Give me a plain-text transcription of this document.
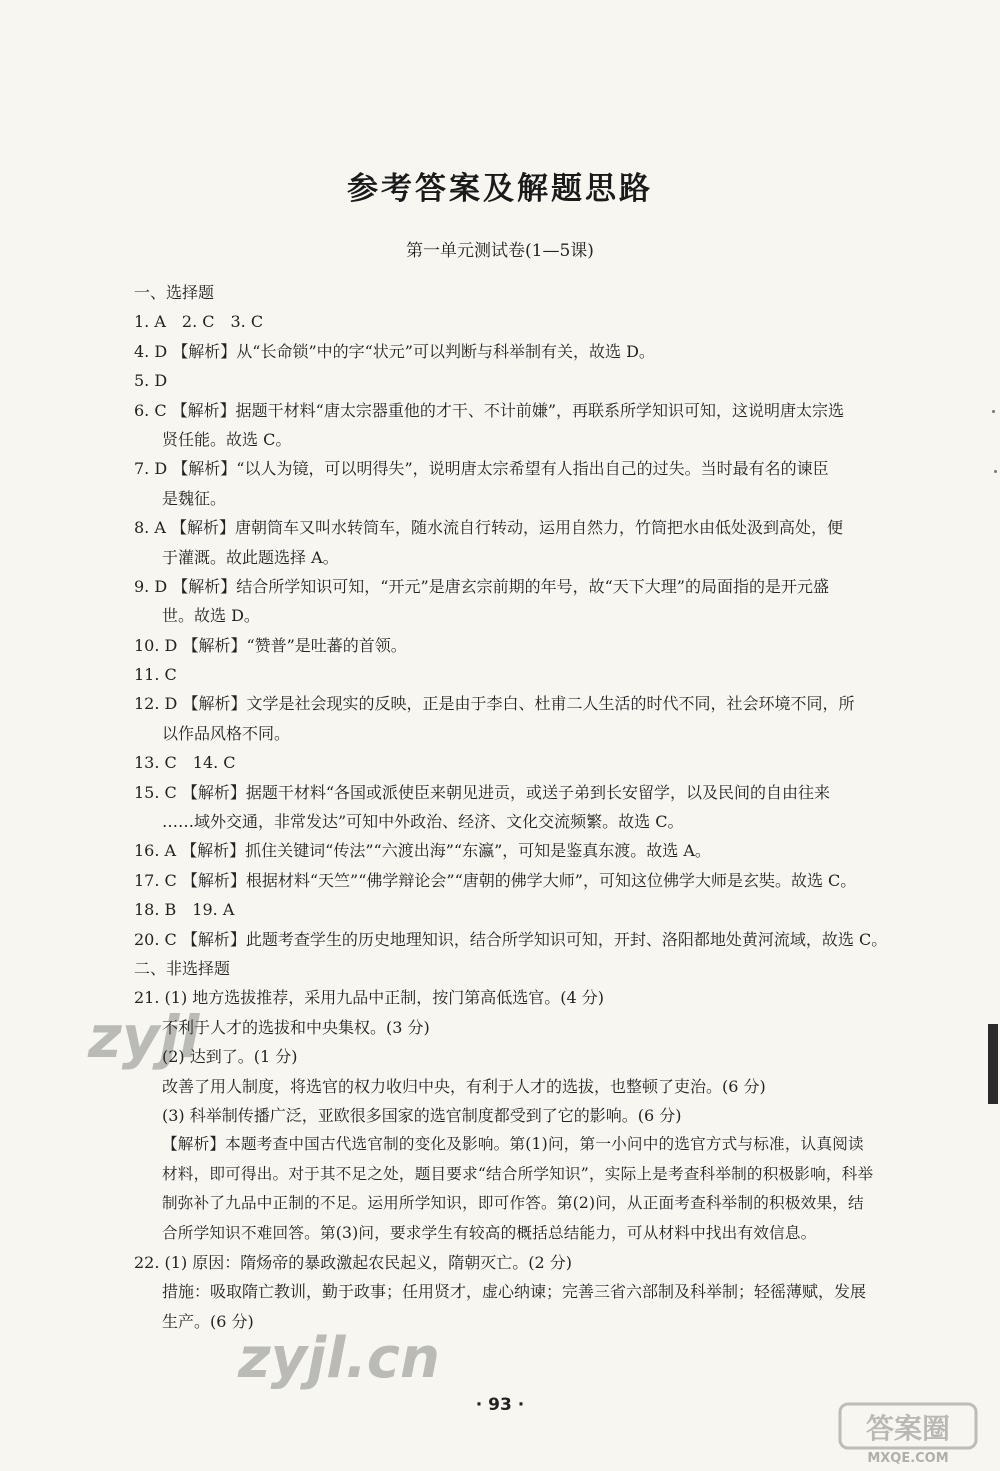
参考答案及解题思路
第一单元测试卷(1—5课)
一、选择题
1. A　2. C　3. C
4. D 【解析】从“长命锁”中的字“状元”可以判断与科举制有关，故选 D。
5. D
6. C 【解析】据题干材料“唐太宗器重他的才干、不计前嫌”，再联系所学知识可知，这说明唐太宗选
贤任能。故选 C。
7. D 【解析】“以人为镜，可以明得失”，说明唐太宗希望有人指出自己的过失。当时最有名的谏臣
是魏征。
8. A 【解析】唐朝筒车又叫水转筒车，随水流自行转动，运用自然力，竹筒把水由低处汲到高处，便
于灌溉。故此题选择 A。
9. D 【解析】结合所学知识可知，“开元”是唐玄宗前期的年号，故“天下大理”的局面指的是开元盛
世。故选 D。
10. D 【解析】“赞普”是吐蕃的首领。
11. C
12. D 【解析】文学是社会现实的反映，正是由于李白、杜甫二人生活的时代不同，社会环境不同，所
以作品风格不同。
13. C　14. C
15. C 【解析】据题干材料“各国或派使臣来朝见进贡，或送子弟到长安留学，以及民间的自由往来
……域外交通，非常发达”可知中外政治、经济、文化交流频繁。故选 C。
16. A 【解析】抓住关键词“传法”“六渡出海”“东瀛”，可知是鉴真东渡。故选 A。
17. C 【解析】根据材料“天竺”“佛学辩论会”“唐朝的佛学大师”，可知这位佛学大师是玄奘。故选 C。
18. B　19. A
20. C 【解析】此题考查学生的历史地理知识，结合所学知识可知，开封、洛阳都地处黄河流域，故选 C。
二、非选择题
21. (1) 地方选拔推荐，采用九品中正制，按门第高低选官。(4 分)
不利于人才的选拔和中央集权。(3 分)
(2) 达到了。(1 分)
改善了用人制度，将选官的权力收归中央，有利于人才的选拔，也整顿了吏治。(6 分)
(3) 科举制传播广泛，亚欧很多国家的选官制度都受到了它的影响。(6 分)
【解析】本题考查中国古代选官制的变化及影响。第(1)问，第一小问中的选官方式与标准，认真阅读
材料，即可得出。对于其不足之处，题目要求“结合所学知识”，实际上是考查科举制的积极影响，科举
制弥补了九品中正制的不足。运用所学知识，即可作答。第(2)问，从正面考查科举制的积极效果，结
合所学知识不难回答。第(3)问，要求学生有较高的概括总结能力，可从材料中找出有效信息。
22. (1) 原因：隋炀帝的暴政激起农民起义，隋朝灭亡。(2 分)
措施：吸取隋亡教训，勤于政事；任用贤才，虚心纳谏；完善三省六部制及科举制；轻徭薄赋，发展
生产。(6 分)
· 93 ·
zyjl
zyjl.cn
答案圈
MXQE.COM
